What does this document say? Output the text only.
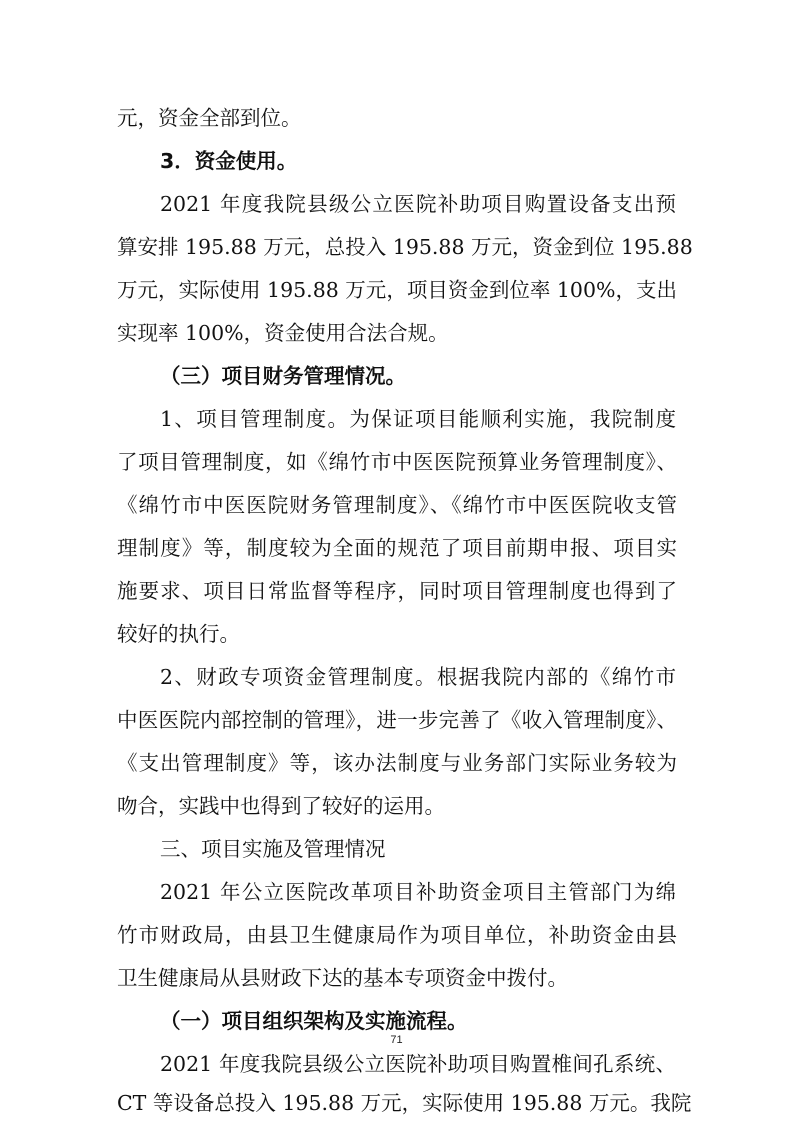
元，资金全部到位。
3．资金使用。
2021 年度我院县级公立医院补助项目购置设备支出预
算安排 195.88 万元，总投入 195.88 万元，资金到位 195.88
万元，实际使用 195.88 万元，项目资金到位率 100%，支出
实现率 100%，资金使用合法合规。
（三）项目财务管理情况。
1、项目管理制度。为保证项目能顺利实施，我院制度
了项目管理制度，如《绵竹市中医医院预算业务管理制度》、
《绵竹市中医医院财务管理制度》、《绵竹市中医医院收支管
理制度》等，制度较为全面的规范了项目前期申报、项目实
施要求、项目日常监督等程序，同时项目管理制度也得到了
较好的执行。
2、财政专项资金管理制度。根据我院内部的《绵竹市
中医医院内部控制的管理》，进一步完善了《收入管理制度》、
《支出管理制度》等，该办法制度与业务部门实际业务较为
吻合，实践中也得到了较好的运用。
三、项目实施及管理情况
2021 年公立医院改革项目补助资金项目主管部门为绵
竹市财政局，由县卫生健康局作为项目单位，补助资金由县
卫生健康局从县财政下达的基本专项资金中拨付。
（一）项目组织架构及实施流程。
2021 年度我院县级公立医院补助项目购置椎间孔系统、
CT 等设备总投入 195.88 万元，实际使用 195.88 万元。我院
71
